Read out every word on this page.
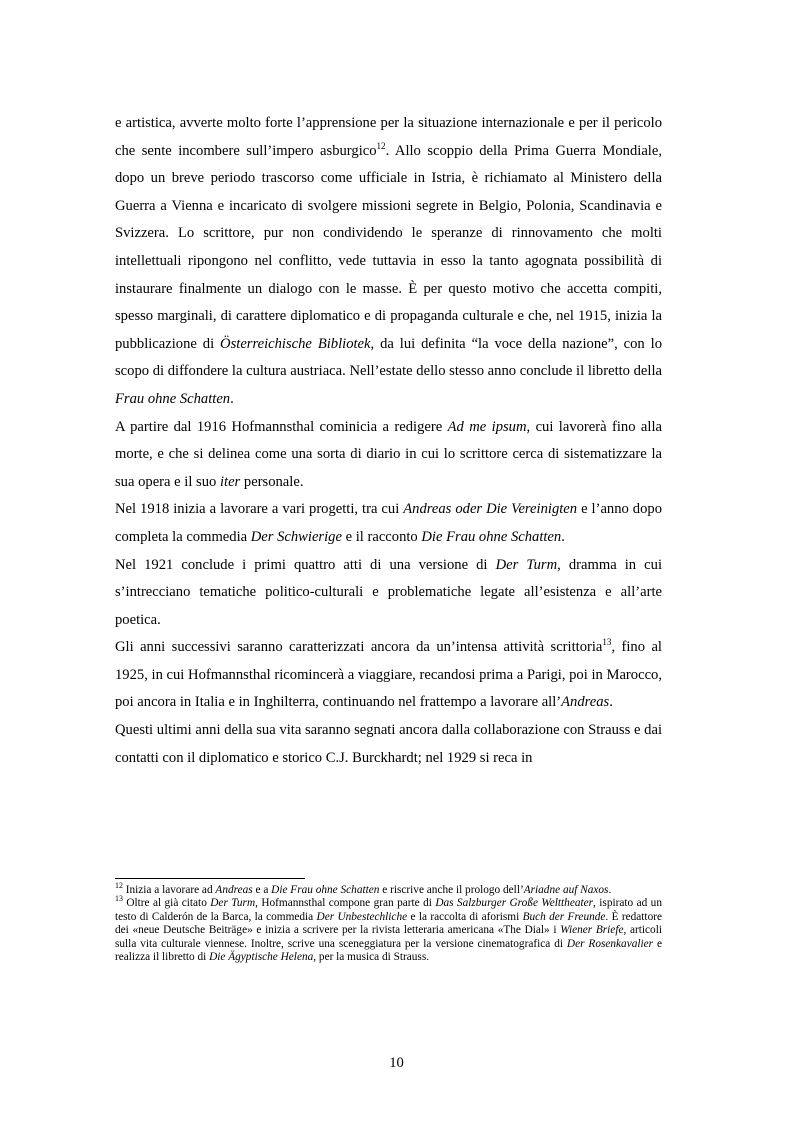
e artistica, avverte molto forte l’apprensione per la situazione internazionale e per il pericolo che sente incombere sull’impero asburgico$^{12}$. Allo scoppio della Prima Guerra Mondiale, dopo un breve periodo trascorso come ufficiale in Istria, è richiamato al Ministero della Guerra a Vienna e incaricato di svolgere missioni segrete in Belgio, Polonia, Scandinavia e Svizzera. Lo scrittore, pur non condividendo le speranze di rinnovamento che molti intellettuali ripongono nel conflitto, vede tuttavia in esso la tanto agognata possibilità di instaurare finalmente un dialogo con le masse. È per questo motivo che accetta compiti, spesso marginali, di carattere diplomatico e di propaganda culturale e che, nel 1915, inizia la pubblicazione di Österreichische Bibliotek, da lui definita “la voce della nazione”, con lo scopo di diffondere la cultura austriaca. Nell’estate dello stesso anno conclude il libretto della Frau ohne Schatten.

A partire dal 1916 Hofmannsthal cominicia a redigere Ad me ipsum, cui lavorerà fino alla morte, e che si delinea come una sorta di diario in cui lo scrittore cerca di sistematizzare la sua opera e il suo iter personale.

Nel 1918 inizia a lavorare a vari progetti, tra cui Andreas oder Die Vereinigten e l’anno dopo completa la commedia Der Schwierige e il racconto Die Frau ohne Schatten.

Nel 1921 conclude i primi quattro atti di una versione di Der Turm, dramma in cui s’intrecciano tematiche politico-culturali e problematiche legate all’esistenza e all’arte poetica.

Gli anni successivi saranno caratterizzati ancora da un’intensa attività scrittoria$^{13}$, fino al 1925, in cui Hofmannsthal ricomincerà a viaggiare, recandosi prima a Parigi, poi in Marocco, poi ancora in Italia e in Inghilterra, continuando nel frattempo a lavorare all’Andreas.

Questi ultimi anni della sua vita saranno segnati ancora dalla collaborazione con Strauss e dai contatti con il diplomatico e storico C.J. Burckhardt; nel 1929 si reca in

$^{12}$ Inizia a lavorare ad Andreas e a Die Frau ohne Schatten e riscrive anche il prologo dell’Ariadne auf Naxos.

$^{13}$ Oltre al già citato Der Turm, Hofmannsthal compone gran parte di Das Salzburger Große Welttheater, ispirato ad un testo di Calderón de la Barca, la commedia Der Unbestechliche e la raccolta di aforismi Buch der Freunde. È redattore dei «neue Deutsche Beiträge» e inizia a scrivere per la rivista letteraria americana «The Dial» i Wiener Briefe, articoli sulla vita culturale viennese. Inoltre, scrive una sceneggiatura per la versione cinematografica di Der Rosenkavalier e realizza il libretto di Die Ägyptische Helena, per la musica di Strauss.

10
